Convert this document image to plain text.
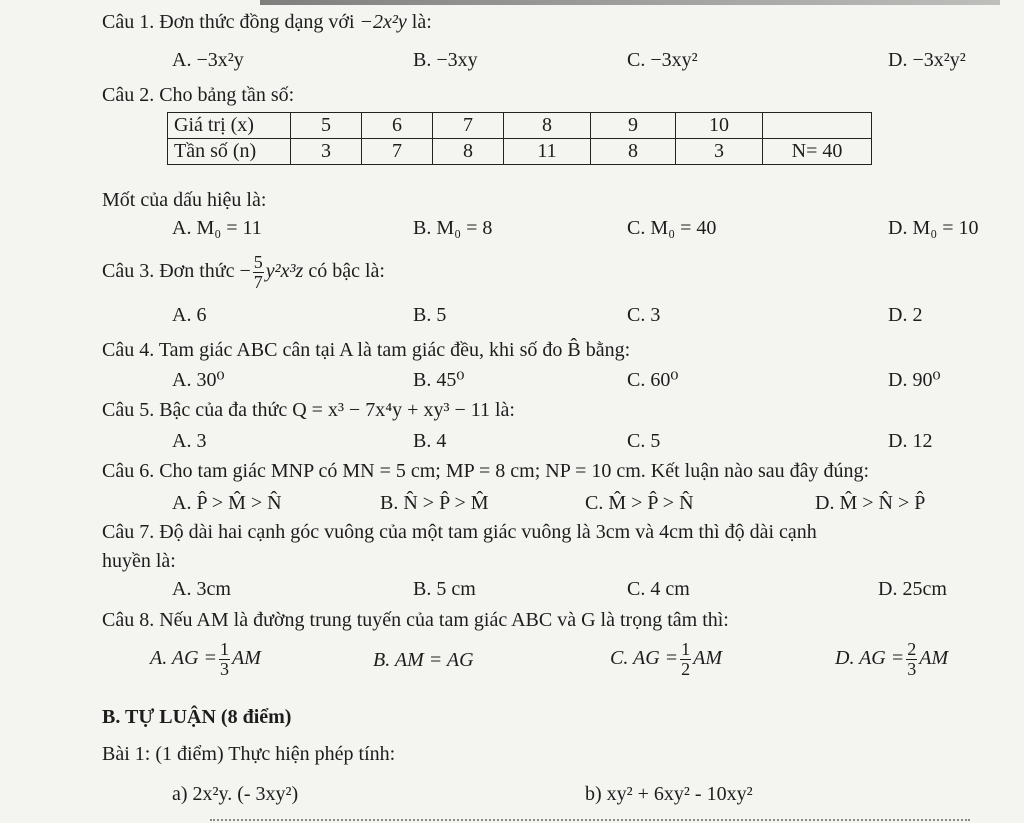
Câu 1. Đơn thức đồng dạng với −2x²y là:
A. −3x²y	B. −3xy	C. −3xy²	D. −3x²y²
Câu 2. Cho bảng tần số:
Giá trị (x)	5	6	7	8	9	10	
Tần số (n)	3	7	8	11	8	3	N= 40
Mốt của dấu hiệu là:
A. M₀ = 11	B. M₀ = 8	C. M₀ = 40	D. M₀ = 10
Câu 3. Đơn thức − $\frac{5}{7} y^2x^3z$ có bậc là:
A. 6	B. 5	C. 3	D. 2
Câu 4. Tam giác ABC cân tại A là tam giác đều, khi số đo B̂ bằng:
A. 30⁰	B. 45⁰	C. 60⁰	D. 90⁰
Câu 5. Bậc của đa thức Q = x³ − 7x⁴y + xy³ − 11 là:
A. 3	B. 4	C. 5	D. 12
Câu 6. Cho tam giác MNP có MN = 5 cm; MP = 8 cm; NP = 10 cm. Kết luận nào sau đây đúng:
A. P̂ > M̂ > N̂	B. N̂ > P̂ > M̂	C. M̂ > P̂ > N̂	D. M̂ > N̂ > P̂
Câu 7. Độ dài hai cạnh góc vuông của một tam giác vuông là 3cm và 4cm thì độ dài cạnh
huyền là:
A. 3cm	B. 5 cm	C. 4 cm	D. 25cm
Câu 8. Nếu AM là đường trung tuyến của tam giác ABC và G là trọng tâm thì:
A. AG = $\frac{1}{3}$ AM	B. AM = AG	C. AG = $\frac{1}{2}$ AM	D. AG = $\frac{2}{3}$ AM
B. TỰ LUẬN (8 điểm)
Bài 1: (1 điểm) Thực hiện phép tính:
a) 2x²y. (- 3xy²)	b) xy² + 6xy² - 10xy²
